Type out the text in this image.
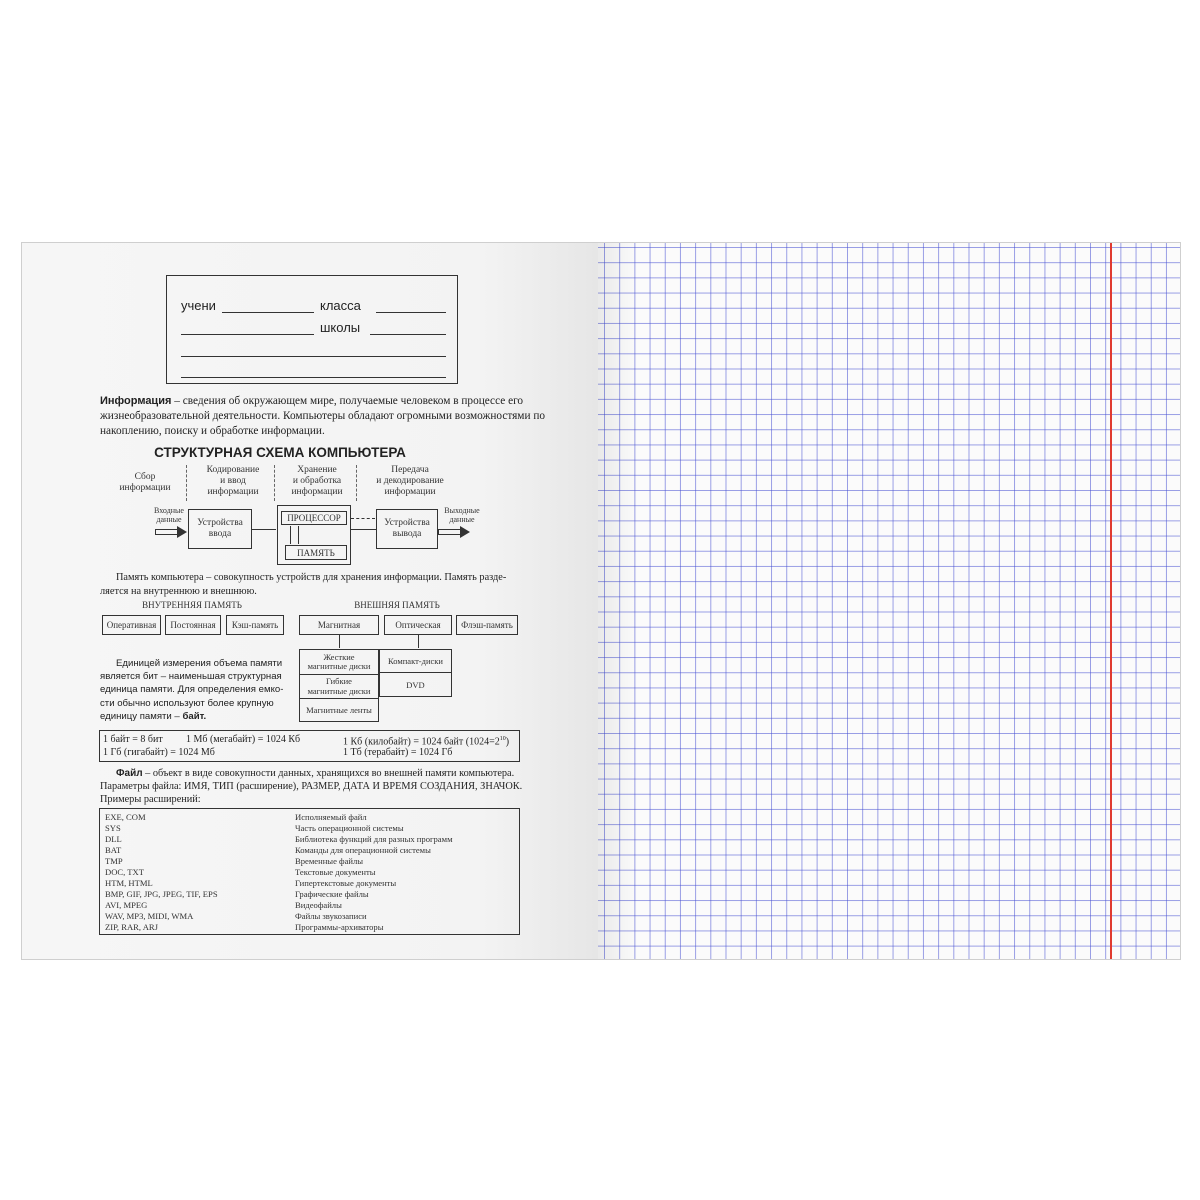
учени	класса
школы
Информация – сведения об окружающем мире, получаемые человеком в процессе его
жизнеобразовательной деятельности. Компьютеры обладают огромными возможностями по
накоплению, поиску и обработке информации.
СТРУКТУРНАЯ СХЕМА КОМПЬЮТЕРА
Сбор
информации
Кодирование
и ввод
информации
Хранение
и обработка
информации
Передача
и декодирование
информации
Входные
данные	Устройства
ввода
ПРОЦЕССОР
ПАМЯТЬ
Устройства
вывода
Выходные
данные
Память компьютера – совокупность устройств для хранения информации. Память разде-
ляется на внутреннюю и внешнюю.
ВНУТРЕННЯЯ ПАМЯТЬ
Оперативная	Постоянная	Кэш-память
ВНЕШНЯЯ ПАМЯТЬ
Магнитная	Оптическая	Флэш-память
Жесткие
магнитные диски
Гибкие
магнитные диски
Магнитные ленты
Компакт-диски
DVD
Единицей измерения объема памяти
является бит – наименьшая структурная
единица памяти. Для определения емко-
сти обычно используют более крупную
единицу памяти – байт.
1 байт = 8 бит 1 Мб (мегабайт) = 1024 Кб	1 Кб (килобайт) = 1024 байт $(1024=2^{10})$
1 Гб (гигабайт) = 1024 Мб	1 Тб (терабайт) = 1024 Гб
Файл – объект в виде совокупности данных, хранящихся во внешней памяти компьютера.
Параметры файла: ИМЯ, ТИП (расширение), РАЗМЕР, ДАТА И ВРЕМЯ СОЗДАНИЯ, ЗНАЧОК.
Примеры расширений:
EXE, COM	Исполняемый файл
SYS	Часть операционной системы
DLL	Библиотека функций для разных программ
BAT	Команды для операционной системы
TMP	Временные файлы
DOC, TXT	Текстовые документы
HTM, HTML	Гипертекстовые документы
BMP, GIF, JPG, JPEG, TIF, EPS	Графические файлы
AVI, MPEG	Видеофайлы
WAV, MP3, MIDI, WMA	Файлы звукозаписи
ZIP, RAR, ARJ	Программы-архиваторы
